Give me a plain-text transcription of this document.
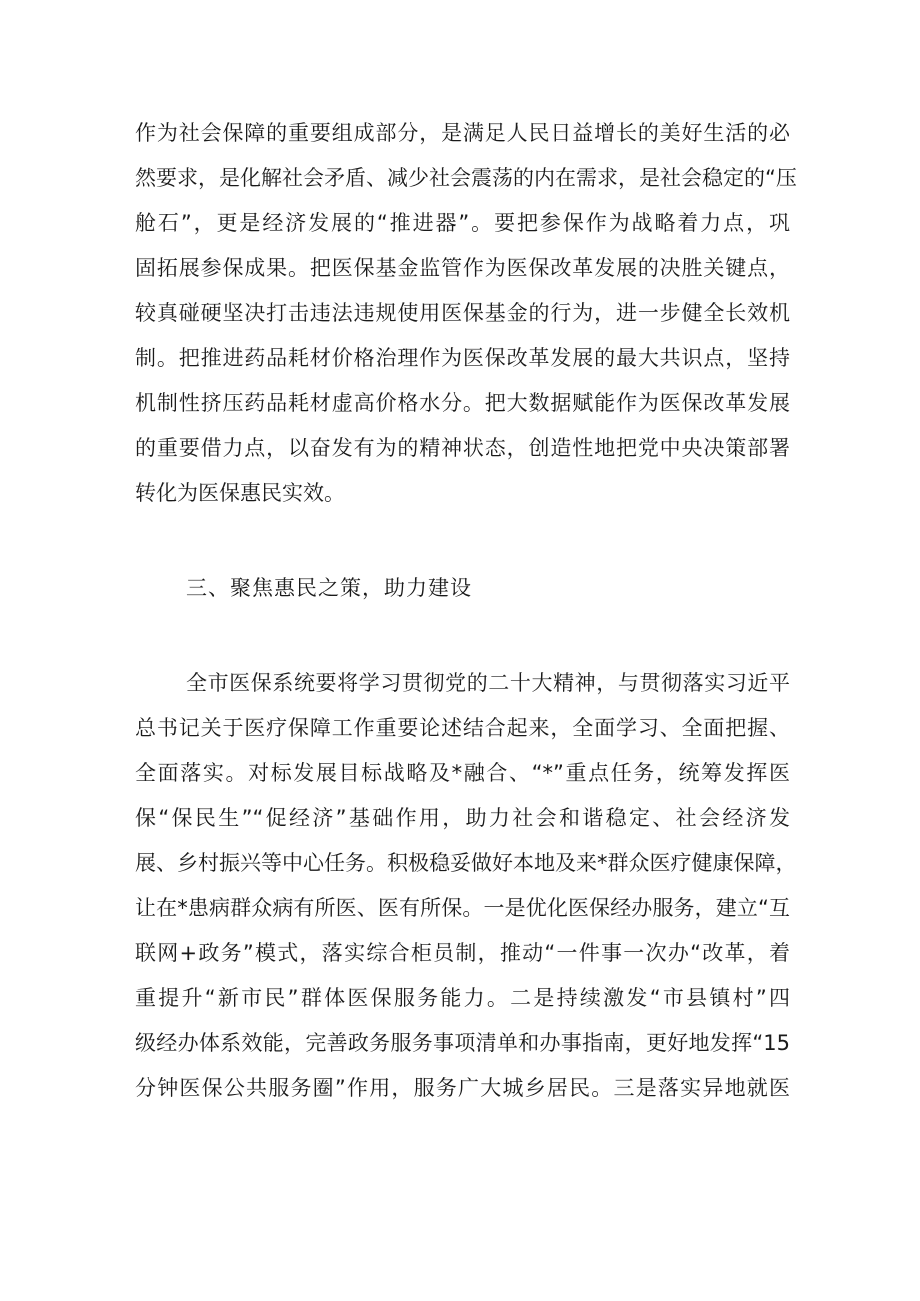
作为社会保障的重要组成部分，是满足人民日益增长的美好生活的必

然要求，是化解社会矛盾、减少社会震荡的内在需求，是社会稳定的“压

舱石”，更是经济发展的“推进器”。要把参保作为战略着力点，巩

固拓展参保成果。把医保基金监管作为医保改革发展的决胜关键点，

较真碰硬坚决打击违法违规使用医保基金的行为，进一步健全长效机

制。把推进药品耗材价格治理作为医保改革发展的最大共识点，坚持

机制性挤压药品耗材虚高价格水分。把大数据赋能作为医保改革发展

的重要借力点，以奋发有为的精神状态，创造性地把党中央决策部署

转化为医保惠民实效。

三、聚焦惠民之策，助力建设

全市医保系统要将学习贯彻党的二十大精神，与贯彻落实习近平

总书记关于医疗保障工作重要论述结合起来，全面学习、全面把握、

全面落实。对标发展目标战略及*融合、“*”重点任务，统筹发挥医

保“保民生”“促经济”基础作用，助力社会和谐稳定、社会经济发

展、乡村振兴等中心任务。积极稳妥做好本地及来*群众医疗健康保障，

让在*患病群众病有所医、医有所保。一是优化医保经办服务，建立“互

联网+政务”模式，落实综合柜员制，推动“一件事一次办“改革，着

重提升“新市民”群体医保服务能力。二是持续激发“市县镇村”四

级经办体系效能，完善政务服务事项清单和办事指南，更好地发挥“15

分钟医保公共服务圈”作用，服务广大城乡居民。三是落实异地就医
